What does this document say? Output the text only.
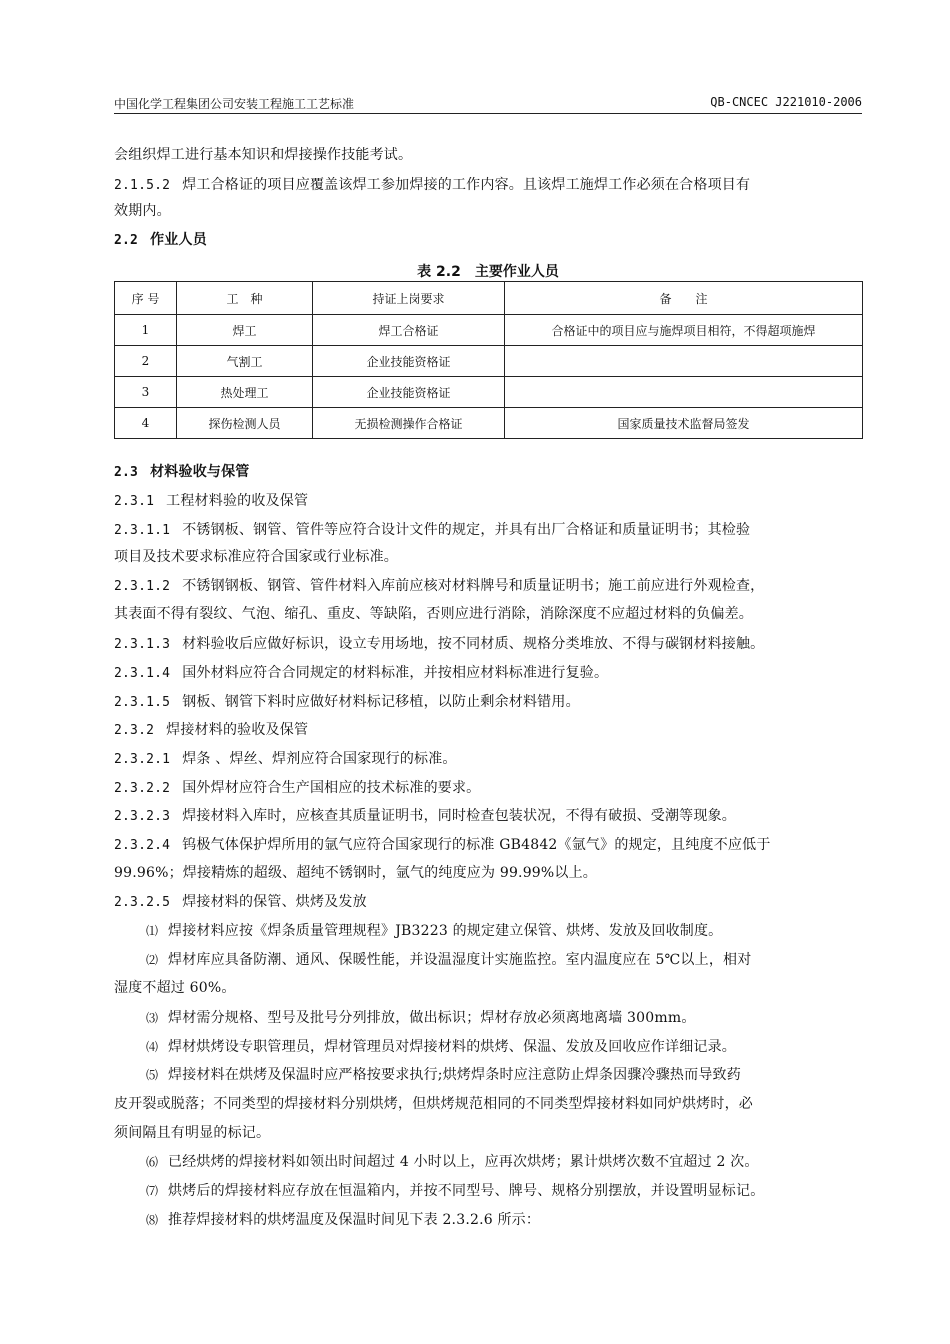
中国化学工程集团公司安装工程施工工艺标准	QB-CNCEC J221010-2006
会组织焊工进行基本知识和焊接操作技能考试。
2.1.5.2 焊工合格证的项目应覆盖该焊工参加焊接的工作内容。且该焊工施焊工作必须在合格项目有
效期内。
2.2 作业人员
表 2.2　主要作业人员
序 号	工　种	持证上岗要求	备　　注
1	焊工	焊工合格证	合格证中的项目应与施焊项目相符，不得超项施焊
2	气割工	企业技能资格证	
3	热处理工	企业技能资格证	
4	探伤检测人员	无损检测操作合格证	国家质量技术监督局签发
2.3 材料验收与保管
2.3.1 工程材料验的收及保管
2.3.1.1 不锈钢板、钢管、管件等应符合设计文件的规定，并具有出厂合格证和质量证明书；其检验
项目及技术要求标准应符合国家或行业标准。
2.3.1.2 不锈钢钢板、钢管、管件材料入库前应核对材料牌号和质量证明书；施工前应进行外观检查，
其表面不得有裂纹、气泡、缩孔、重皮、等缺陷，否则应进行消除，消除深度不应超过材料的负偏差。
2.3.1.3 材料验收后应做好标识，设立专用场地，按不同材质、规格分类堆放、不得与碳钢材料接触。
2.3.1.4 国外材料应符合合同规定的材料标准，并按相应材料标准进行复验。
2.3.1.5 钢板、钢管下料时应做好材料标记移植，以防止剩余材料错用。
2.3.2 焊接材料的验收及保管
2.3.2.1 焊条 、焊丝、焊剂应符合国家现行的标准。
2.3.2.2 国外焊材应符合生产国相应的技术标准的要求。
2.3.2.3 焊接材料入库时，应核查其质量证明书，同时检查包装状况，不得有破损、受潮等现象。
2.3.2.4 钨极气体保护焊所用的氩气应符合国家现行的标准 GB4842《氩气》的规定，且纯度不应低于
99.96%；焊接精炼的超级、超纯不锈钢时，氩气的纯度应为 99.99%以上。
2.3.2.5 焊接材料的保管、烘烤及发放
⑴ 焊接材料应按《焊条质量管理规程》JB3223 的规定建立保管、烘烤、发放及回收制度。
⑵ 焊材库应具备防潮、通风、保暖性能，并设温湿度计实施监控。室内温度应在 5℃以上，相对
湿度不超过 60%。
⑶ 焊材需分规格、型号及批号分列排放，做出标识；焊材存放必须离地离墙 300mm。
⑷ 焊材烘烤设专职管理员，焊材管理员对焊接材料的烘烤、保温、发放及回收应作详细记录。
⑸ 焊接材料在烘烤及保温时应严格按要求执行;烘烤焊条时应注意防止焊条因骤冷骤热而导致药
皮开裂或脱落；不同类型的焊接材料分别烘烤，但烘烤规范相同的不同类型焊接材料如同炉烘烤时，必
须间隔且有明显的标记。
⑹ 已经烘烤的焊接材料如领出时间超过 4 小时以上，应再次烘烤；累计烘烤次数不宜超过 2 次。
⑺ 烘烤后的焊接材料应存放在恒温箱内，并按不同型号、牌号、规格分别摆放，并设置明显标记。
⑻ 推荐焊接材料的烘烤温度及保温时间见下表 2.3.2.6 所示：
